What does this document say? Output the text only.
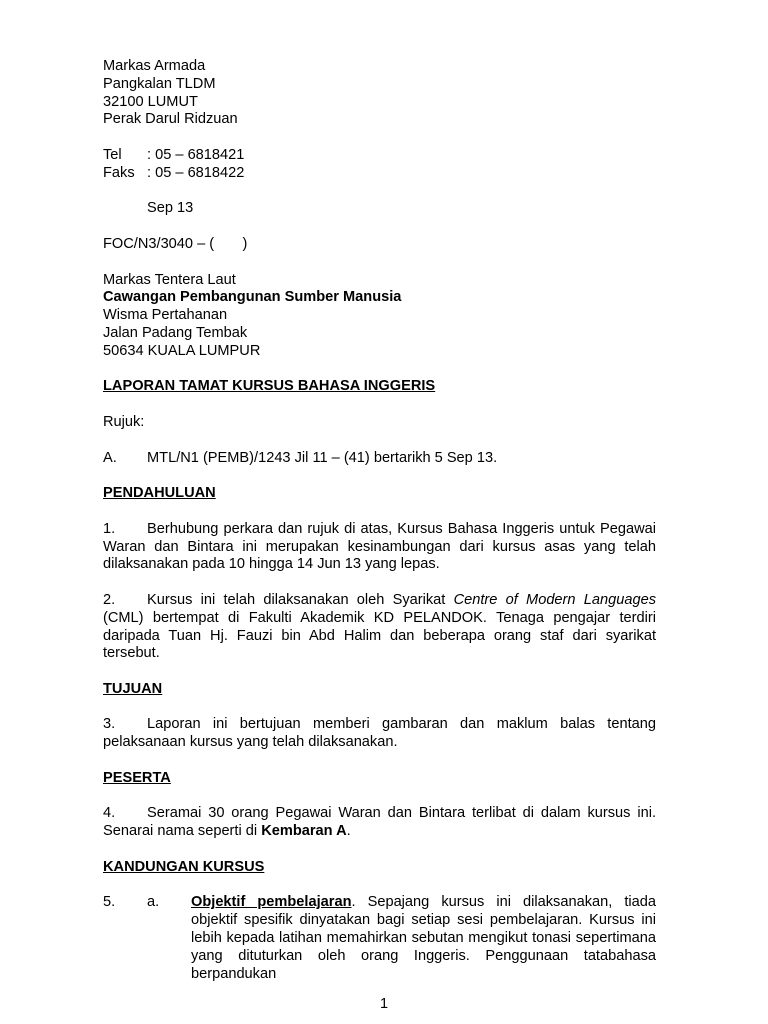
Markas Armada
Pangkalan TLDM
32100 LUMUT
Perak Darul Ridzuan
Tel : 05 – 6818421
Faks : 05 – 6818422
Sep 13
FOC/N3/3040 – (       )
Markas Tentera Laut
Cawangan Pembangunan Sumber Manusia
Wisma Pertahanan
Jalan Padang Tembak
50634 KUALA LUMPUR
LAPORAN TAMAT KURSUS BAHASA INGGERIS
Rujuk:
A. MTL/N1 (PEMB)/1243 Jil 11 – (41) bertarikh 5 Sep 13.
PENDAHULUAN
1. Berhubung perkara dan rujuk di atas, Kursus Bahasa Inggeris untuk Pegawai Waran dan Bintara ini merupakan kesinambungan dari kursus asas yang telah dilaksanakan pada 10 hingga 14 Jun 13 yang lepas.
2. Kursus ini telah dilaksanakan oleh Syarikat Centre of Modern Languages (CML) bertempat di Fakulti Akademik KD PELANDOK. Tenaga pengajar terdiri daripada Tuan Hj. Fauzi bin Abd Halim dan beberapa orang staf dari syarikat tersebut.
TUJUAN
3. Laporan ini bertujuan memberi gambaran dan maklum balas tentang pelaksanaan kursus yang telah dilaksanakan.
PESERTA
4. Seramai 30 orang Pegawai Waran dan Bintara terlibat di dalam kursus ini. Senarai nama seperti di Kembaran A.
KANDUNGAN KURSUS
5.	a.	Objektif pembelajaran. Sepajang kursus ini dilaksanakan, tiada objektif spesifik dinyatakan bagi setiap sesi pembelajaran. Kursus ini lebih kepada latihan memahirkan sebutan mengikut tonasi sepertimana yang dituturkan oleh orang Inggeris. Penggunaan tatabahasa berpandukan
1
